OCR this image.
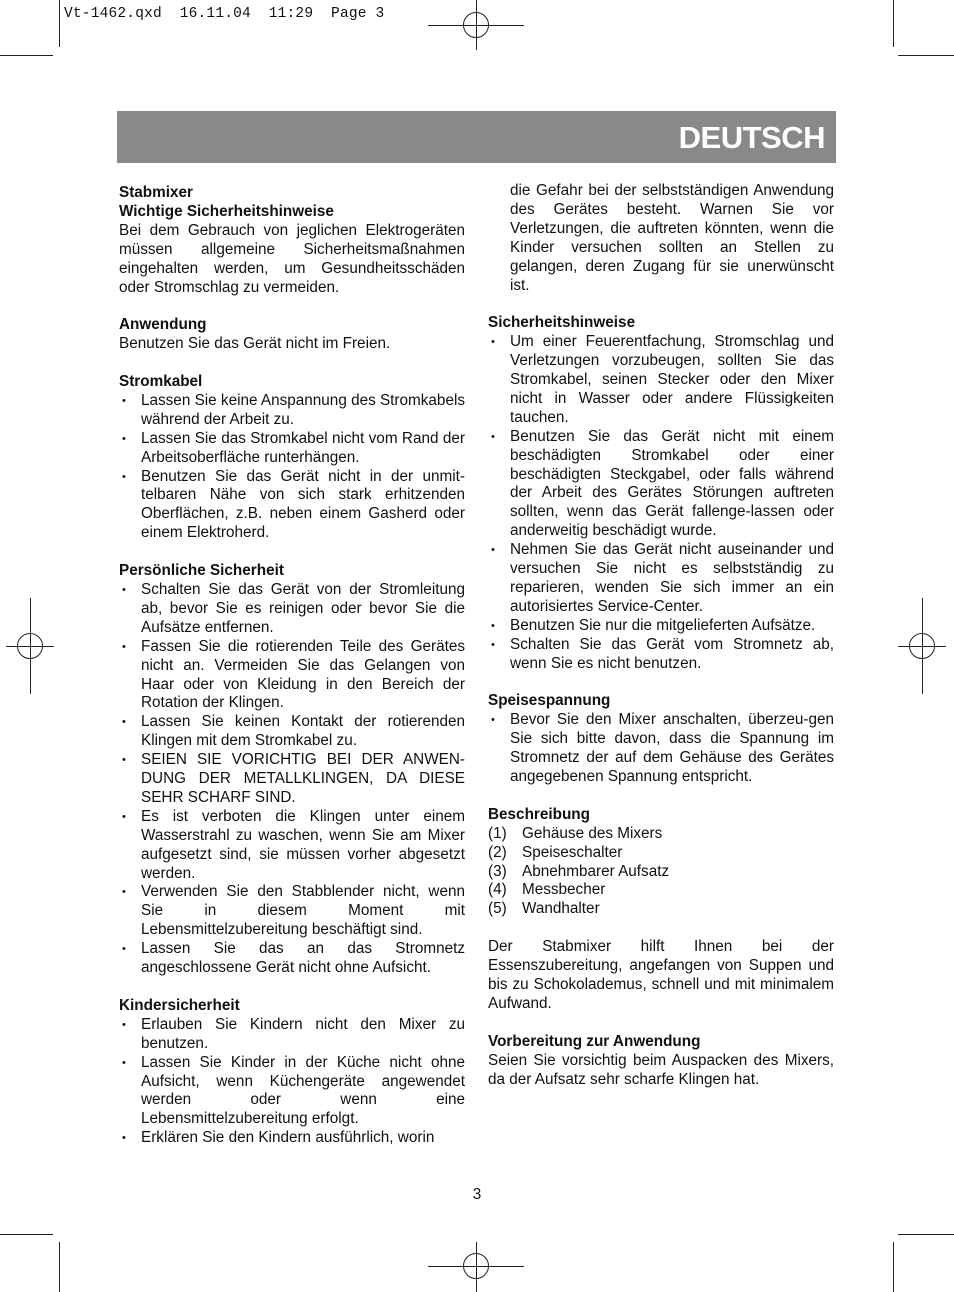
Vt-1462.qxd  16.11.04  11:29  Page 3
DEUTSCH
Stabmixer
Wichtige Sicherheitshinweise
Bei dem Gebrauch von jeglichen Elektrogeräten müssen allgemeine Sicherheitsmaßnahmen eingehalten werden, um Gesundheitsschäden oder Stromschlag zu vermeiden.
Anwendung
Benutzen Sie das Gerät nicht im Freien.
Stromkabel
• Lassen Sie keine Anspannung des Stromkabels während der Arbeit zu.
• Lassen Sie das Stromkabel nicht vom Rand der Arbeitsoberfläche runterhängen.
• Benutzen Sie das Gerät nicht in der unmit-telbaren Nähe von sich stark erhitzenden Oberflächen, z.B. neben einem Gasherd oder einem Elektroherd.
Persönliche Sicherheit
• Schalten Sie das Gerät von der Stromleitung ab, bevor Sie es reinigen oder bevor Sie die Aufsätze entfernen.
• Fassen Sie die rotierenden Teile des Gerätes nicht an. Vermeiden Sie das Gelangen von Haar oder von Kleidung in den Bereich der Rotation der Klingen.
• Lassen Sie keinen Kontakt der rotierenden Klingen mit dem Stromkabel zu.
• SEIEN SIE VORICHTIG BEI DER ANWEN-DUNG DER METALLKLINGEN, DA DIESE SEHR SCHARF SIND.
• Es ist verboten die Klingen unter einem Wasserstrahl zu waschen, wenn Sie am Mixer aufgesetzt sind, sie müssen vorher abgesetzt werden.
• Verwenden Sie den Stabblender nicht, wenn Sie in diesem Moment mit Lebensmittelzubereitung beschäftigt sind.
• Lassen Sie das an das Stromnetz angeschlossene Gerät nicht ohne Aufsicht.
Kindersicherheit
• Erlauben Sie Kindern nicht den Mixer zu benutzen.
• Lassen Sie Kinder in der Küche nicht ohne Aufsicht, wenn Küchengeräte angewendet werden oder wenn eine Lebensmittelzubereitung erfolgt.
• Erklären Sie den Kindern ausführlich, worin
die Gefahr bei der selbstständigen Anwendung des Gerätes besteht. Warnen Sie vor Verletzungen, die auftreten könnten, wenn die Kinder versuchen sollten an Stellen zu gelangen, deren Zugang für sie unerwünscht ist.
Sicherheitshinweise
• Um einer Feuerentfachung, Stromschlag und Verletzungen vorzubeugen, sollten Sie das Stromkabel, seinen Stecker oder den Mixer nicht in Wasser oder andere Flüssigkeiten tauchen.
• Benutzen Sie das Gerät nicht mit einem beschädigten Stromkabel oder einer beschädigten Steckgabel, oder falls während der Arbeit des Gerätes Störungen auftreten sollten, wenn das Gerät fallenge-lassen oder anderweitig beschädigt wurde.
• Nehmen Sie das Gerät nicht auseinander und versuchen Sie nicht es selbstständig zu reparieren, wenden Sie sich immer an ein autorisiertes Service-Center.
• Benutzen Sie nur die mitgelieferten Aufsätze.
• Schalten Sie das Gerät vom Stromnetz ab, wenn Sie es nicht benutzen.
Speisespannung
• Bevor Sie den Mixer anschalten, überzeu-gen Sie sich bitte davon, dass die Spannung im Stromnetz der auf dem Gehäuse des Gerätes angegebenen Spannung entspricht.
Beschreibung
(1) Gehäuse des Mixers
(2) Speiseschalter
(3) Abnehmbarer Aufsatz
(4) Messbecher
(5) Wandhalter
Der Stabmixer hilft Ihnen bei der Essenszubereitung, angefangen von Suppen und bis zu Schokolademus, schnell und mit minimalem Aufwand.
Vorbereitung zur Anwendung
Seien Sie vorsichtig beim Auspacken des Mixers, da der Aufsatz sehr scharfe Klingen hat.
3
